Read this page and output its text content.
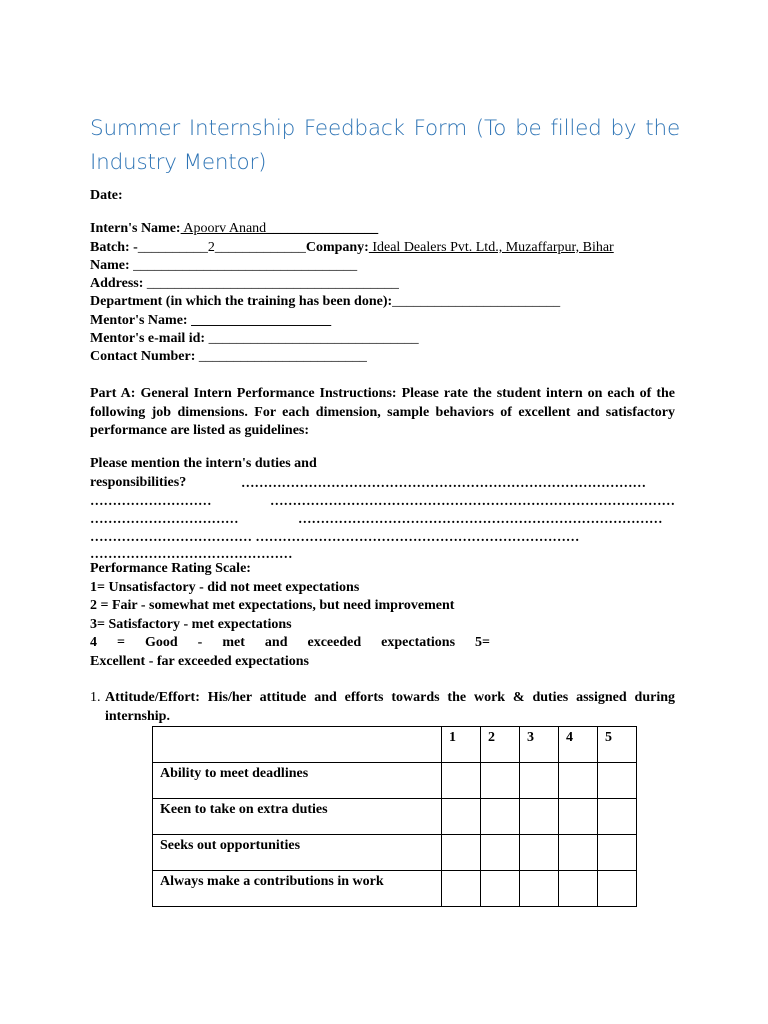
Summer Internship Feedback Form (To be filled by the Industry Mentor)
Date:
Intern's Name: Apoorv Anand________________
Batch: -__________2_____________Company: Ideal Dealers Pvt. Ltd., Muzaffarpur, Bihar
Name: ________________________________
Address: ____________________________________
Department (in which the training has been done):________________________
Mentor's Name: ____________________
Mentor's e-mail id: ______________________________
Contact Number: ________________________
Part A: General Intern Performance Instructions: Please rate the student intern on each of the following job dimensions. For each dimension, sample behaviors of excellent and satisfactory performance are listed as guidelines:
Please mention the intern's duties and
responsibilities?	………………………………………………………………………………
………………………	………………………………………………………………………………
……………………………	………………………………………………………………………
……………………………… ………………………………………………………………
………………………………………
Performance Rating Scale:
1= Unsatisfactory - did not meet expectations
2 = Fair - somewhat met expectations, but need improvement
3= Satisfactory - met expectations
4 = Good - met and exceeded expectations 5=
Excellent - far exceeded expectations
1. Attitude/Effort: His/her attitude and efforts towards the work & duties assigned during internship.
	1	2	3	4	5
Ability to meet deadlines					
Keen to take on extra duties					
Seeks out opportunities					
Always make a contributions in work					
